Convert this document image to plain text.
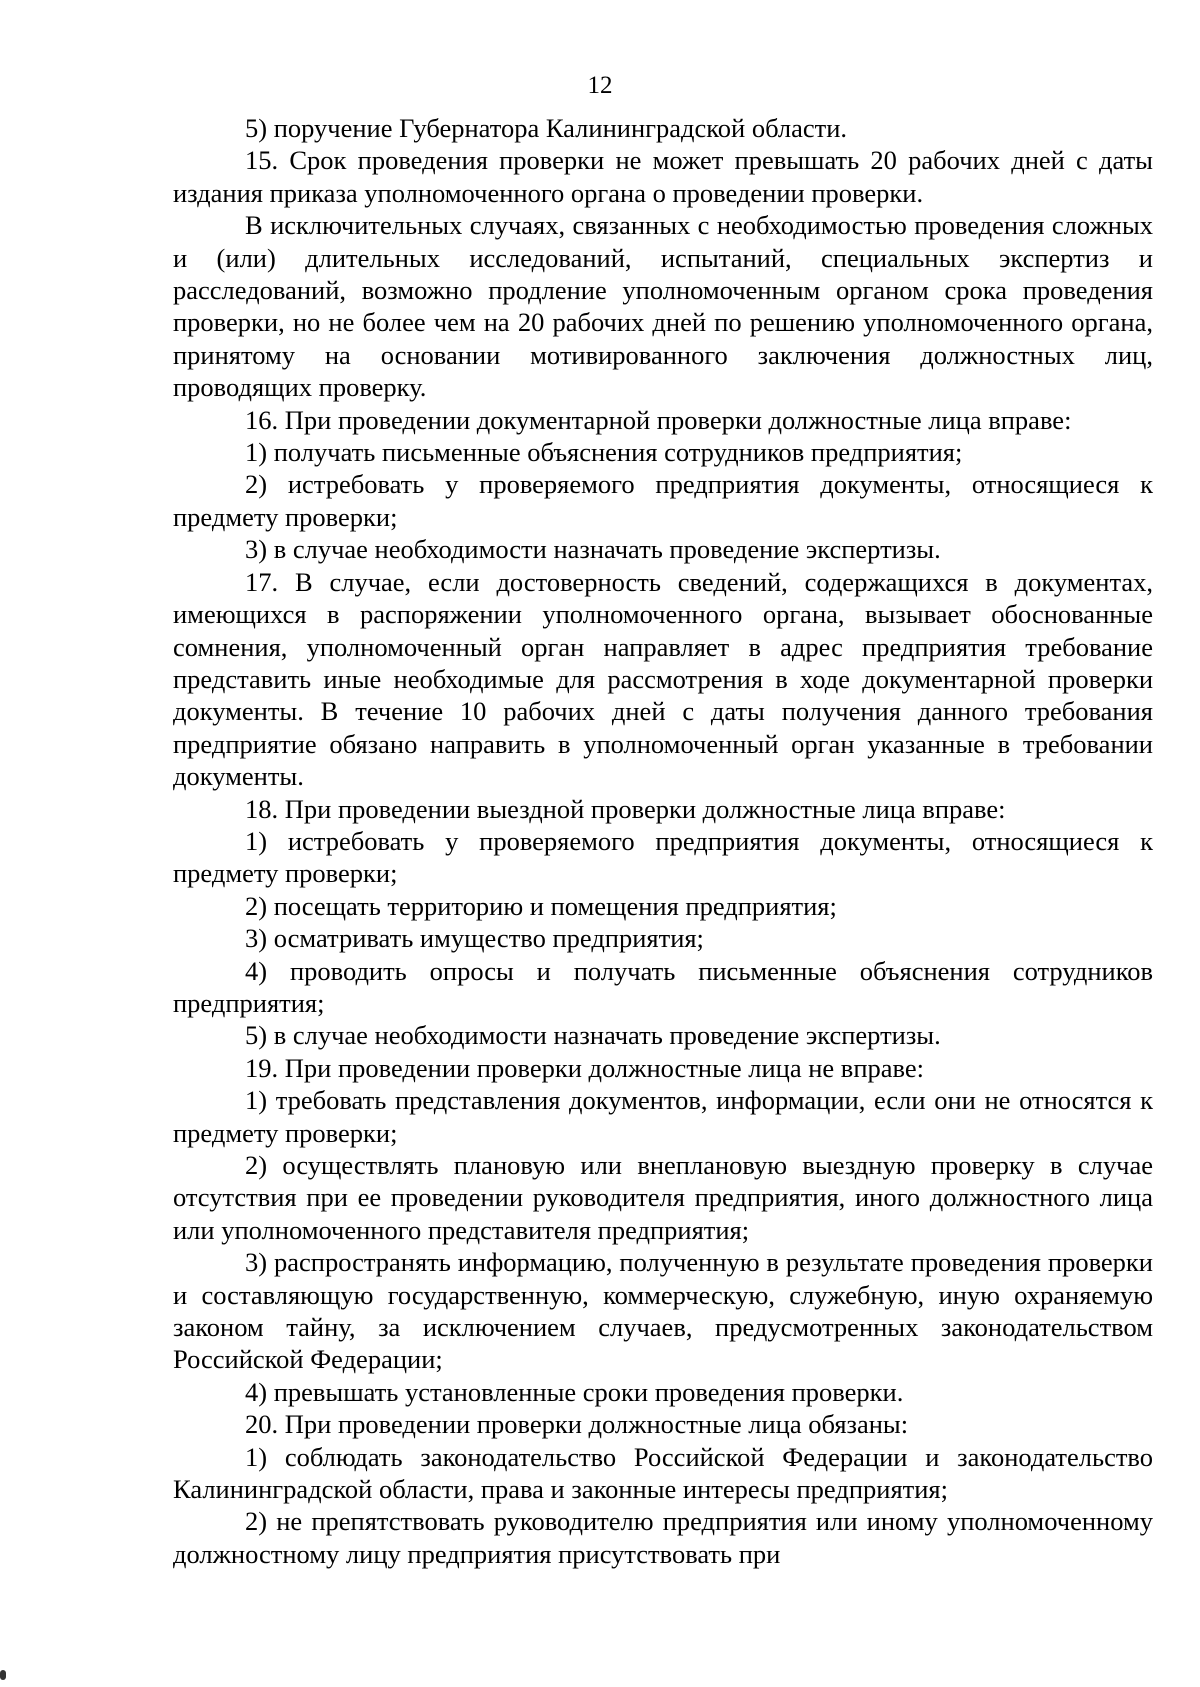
12

5) поручение Губернатора Калининградской области.

15. Срок проведения проверки не может превышать 20 рабочих дней с даты издания приказа уполномоченного органа о проведении проверки.

В исключительных случаях, связанных с необходимостью проведения сложных и (или) длительных исследований, испытаний, специальных экспертиз и расследований, возможно продление уполномоченным органом срока проведения проверки, но не более чем на 20 рабочих дней по решению уполномоченного органа, принятому на основании мотивированного заключения должностных лиц, проводящих проверку.

16. При проведении документарной проверки должностные лица вправе:

1) получать письменные объяснения сотрудников предприятия;

2) истребовать у проверяемого предприятия документы, относящиеся к предмету проверки;

3) в случае необходимости назначать проведение экспертизы.

17. В случае, если достоверность сведений, содержащихся в документах, имеющихся в распоряжении уполномоченного органа, вызывает обоснованные сомнения, уполномоченный орган направляет в адрес предприятия требование представить иные необходимые для рассмотрения в ходе документарной проверки документы. В течение 10 рабочих дней с даты получения данного требования предприятие обязано направить в уполномоченный орган указанные в требовании документы.

18. При проведении выездной проверки должностные лица вправе:

1) истребовать у проверяемого предприятия документы, относящиеся к предмету проверки;

2) посещать территорию и помещения предприятия;

3) осматривать имущество предприятия;

4) проводить опросы и получать письменные объяснения сотрудников предприятия;

5) в случае необходимости назначать проведение экспертизы.

19. При проведении проверки должностные лица не вправе:

1) требовать представления документов, информации, если они не относятся к предмету проверки;

2) осуществлять плановую или внеплановую выездную проверку в случае отсутствия при ее проведении руководителя предприятия, иного должностного лица или уполномоченного представителя предприятия;

3) распространять информацию, полученную в результате проведения проверки и составляющую государственную, коммерческую, служебную, иную охраняемую законом тайну, за исключением случаев, предусмотренных законодательством Российской Федерации;

4) превышать установленные сроки проведения проверки.

20. При проведении проверки должностные лица обязаны:

1) соблюдать законодательство Российской Федерации и законодательство Калининградской области, права и законные интересы предприятия;

2) не препятствовать руководителю предприятия или иному уполномоченному должностному лицу предприятия присутствовать при
